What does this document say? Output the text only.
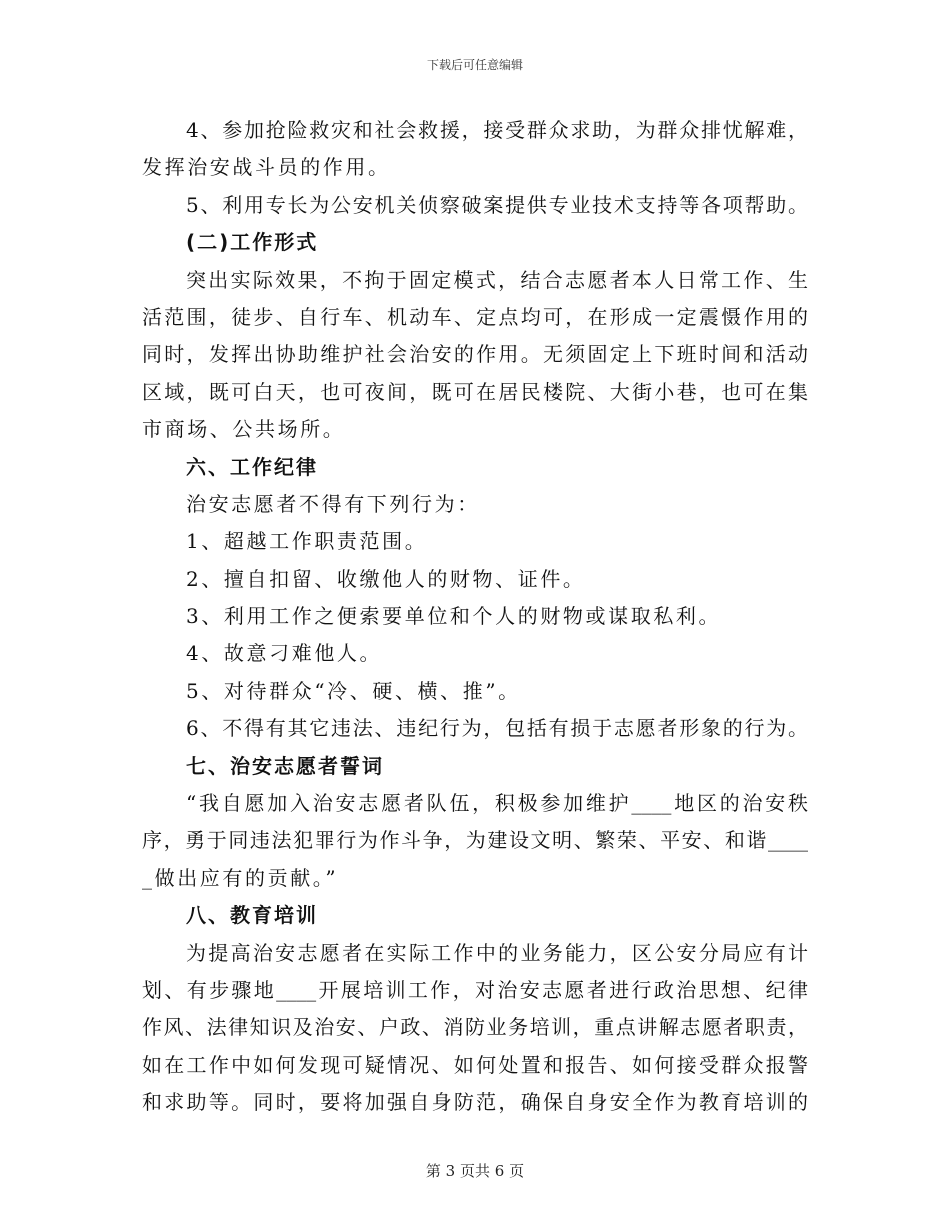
下载后可任意编辑
4、参加抢险救灾和社会救援，接受群众求助，为群众排忧解难，
发挥治安战斗员的作用。
5、利用专长为公安机关侦察破案提供专业技术支持等各项帮助。
(二)工作形式
突出实际效果，不拘于固定模式，结合志愿者本人日常工作、生
活范围，徒步、自行车、机动车、定点均可，在形成一定震慑作用的
同时，发挥出协助维护社会治安的作用。无须固定上下班时间和活动
区域，既可白天，也可夜间，既可在居民楼院、大街小巷，也可在集
市商场、公共场所。
六、工作纪律
治安志愿者不得有下列行为：
1、超越工作职责范围。
2、擅自扣留、收缴他人的财物、证件。
3、利用工作之便索要单位和个人的财物或谋取私利。
4、故意刁难他人。
5、对待群众“冷、硬、横、推”。
6、不得有其它违法、违纪行为，包括有损于志愿者形象的行为。
七、治安志愿者誓词
“我自愿加入治安志愿者队伍，积极参加维护____地区的治安秩
序，勇于同违法犯罪行为作斗争，为建设文明、繁荣、平安、和谐____
_做出应有的贡献。”
八、教育培训
为提高治安志愿者在实际工作中的业务能力，区公安分局应有计
划、有步骤地____开展培训工作，对治安志愿者进行政治思想、纪律
作风、法律知识及治安、户政、消防业务培训，重点讲解志愿者职责，
如在工作中如何发现可疑情况、如何处置和报告、如何接受群众报警
和求助等。同时，要将加强自身防范，确保自身安全作为教育培训的
第 3 页共 6 页
